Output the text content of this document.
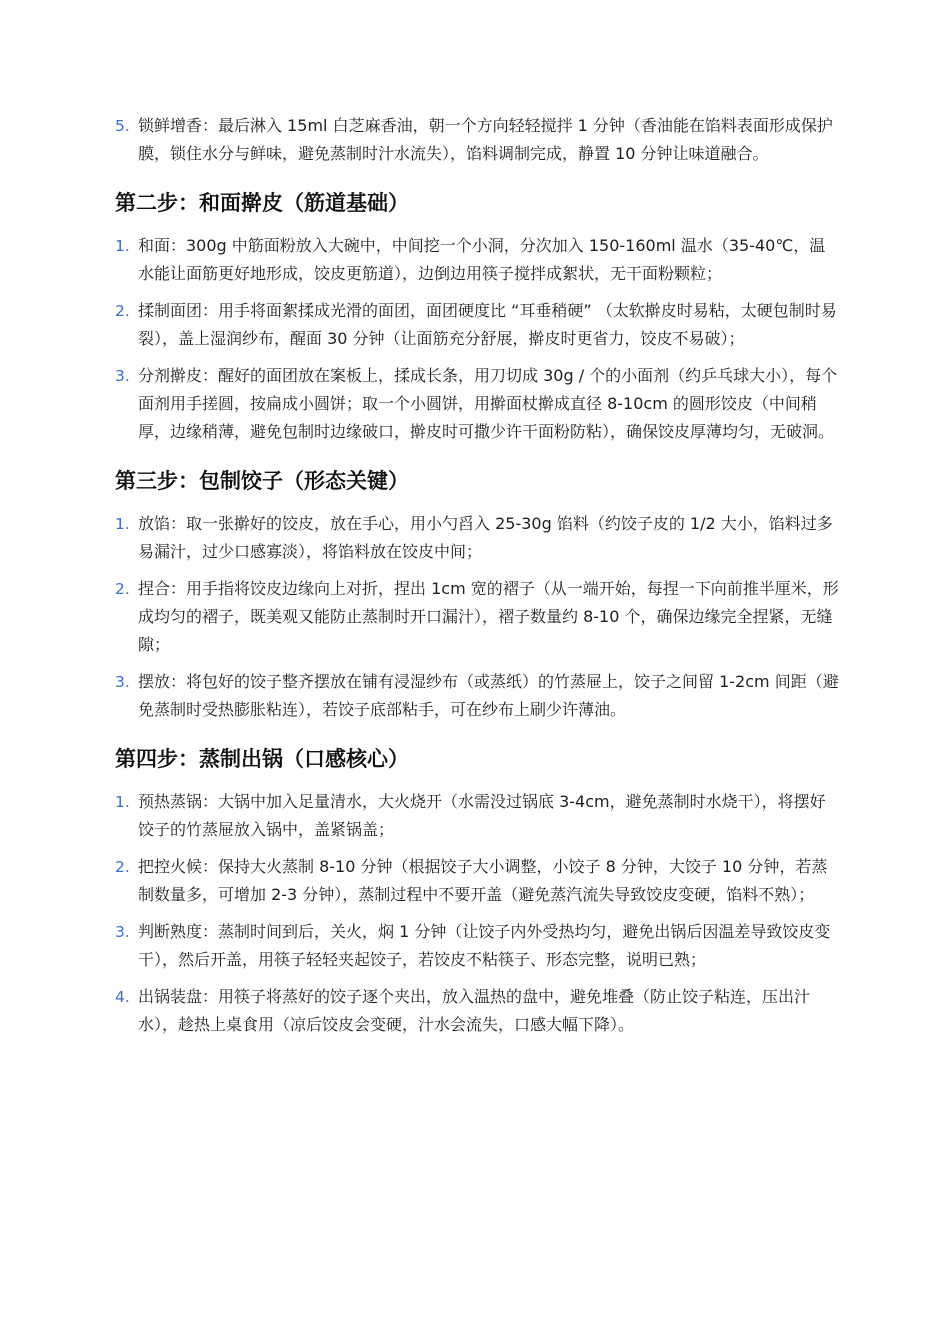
5. 锁鲜增香：最后淋入 15ml 白芝麻香油，朝一个方向轻轻搅拌 1 分钟（香油能在馅料表面形成保护膜，锁住水分与鲜味，避免蒸制时汁水流失），馅料调制完成，静置 10 分钟让味道融合。
第二步：和面擀皮（筋道基础）
1. 和面：300g 中筋面粉放入大碗中，中间挖一个小洞，分次加入 150-160ml 温水（35-40℃，温水能让面筋更好地形成，饺皮更筋道），边倒边用筷子搅拌成絮状，无干面粉颗粒；
2. 揉制面团：用手将面絮揉成光滑的面团，面团硬度比 “耳垂稍硬” （太软擀皮时易粘，太硬包制时易裂），盖上湿润纱布，醒面 30 分钟（让面筋充分舒展，擀皮时更省力，饺皮不易破）；
3. 分剂擀皮：醒好的面团放在案板上，揉成长条，用刀切成 30g / 个的小面剂（约乒乓球大小），每个面剂用手搓圆，按扁成小圆饼；取一个小圆饼，用擀面杖擀成直径 8-10cm 的圆形饺皮（中间稍厚，边缘稍薄，避免包制时边缘破口，擀皮时可撒少许干面粉防粘），确保饺皮厚薄均匀，无破洞。
第三步：包制饺子（形态关键）
1. 放馅：取一张擀好的饺皮，放在手心，用小勺舀入 25-30g 馅料（约饺子皮的 1/2 大小，馅料过多易漏汁，过少口感寡淡），将馅料放在饺皮中间；
2. 捏合：用手指将饺皮边缘向上对折，捏出 1cm 宽的褶子（从一端开始，每捏一下向前推半厘米，形成均匀的褶子，既美观又能防止蒸制时开口漏汁），褶子数量约 8-10 个，确保边缘完全捏紧，无缝隙；
3. 摆放：将包好的饺子整齐摆放在铺有浸湿纱布（或蒸纸）的竹蒸屉上，饺子之间留 1-2cm 间距（避免蒸制时受热膨胀粘连），若饺子底部粘手，可在纱布上刷少许薄油。
第四步：蒸制出锅（口感核心）
1. 预热蒸锅：大锅中加入足量清水，大火烧开（水需没过锅底 3-4cm，避免蒸制时水烧干），将摆好饺子的竹蒸屉放入锅中，盖紧锅盖；
2. 把控火候：保持大火蒸制 8-10 分钟（根据饺子大小调整，小饺子 8 分钟，大饺子 10 分钟，若蒸制数量多，可增加 2-3 分钟），蒸制过程中不要开盖（避免蒸汽流失导致饺皮变硬，馅料不熟）；
3. 判断熟度：蒸制时间到后，关火，焖 1 分钟（让饺子内外受热均匀，避免出锅后因温差导致饺皮变干），然后开盖，用筷子轻轻夹起饺子，若饺皮不粘筷子、形态完整，说明已熟；
4. 出锅装盘：用筷子将蒸好的饺子逐个夹出，放入温热的盘中，避免堆叠（防止饺子粘连，压出汁水），趁热上桌食用（凉后饺皮会变硬，汁水会流失，口感大幅下降）。
